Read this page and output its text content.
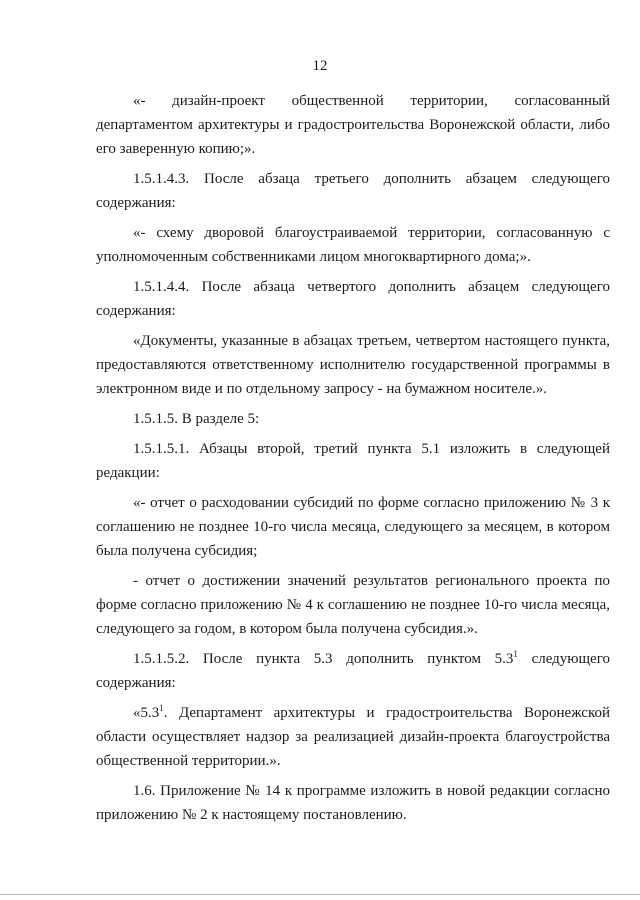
12

«- дизайн-проект общественной территории, согласованный департаментом архитектуры и градостроительства Воронежской области, либо его заверенную копию;».

1.5.1.4.3. После абзаца третьего дополнить абзацем следующего содержания:

«- схему дворовой благоустраиваемой территории, согласованную с уполномоченным собственниками лицом многоквартирного дома;».

1.5.1.4.4. После абзаца четвертого дополнить абзацем следующего содержания:

«Документы, указанные в абзацах третьем, четвертом настоящего пункта, предоставляются ответственному исполнителю государственной программы в электронном виде и по отдельному запросу - на бумажном носителе.».

1.5.1.5. В разделе 5:

1.5.1.5.1. Абзацы второй, третий пункта 5.1 изложить в следующей редакции:

«- отчет о расходовании субсидий по форме согласно приложению № 3 к соглашению не позднее 10-го числа месяца, следующего за месяцем, в котором была получена субсидия;

- отчет о достижении значений результатов регионального проекта по форме согласно приложению № 4 к соглашению не позднее 10-го числа месяца, следующего за годом, в котором была получена субсидия.».

1.5.1.5.2. После пункта 5.3 дополнить пунктом $5.3^1$ следующего содержания:

«$5.3^1$. Департамент архитектуры и градостроительства Воронежской области осуществляет надзор за реализацией дизайн-проекта благоустройства общественной территории.».

1.6. Приложение № 14 к программе изложить в новой редакции согласно приложению № 2 к настоящему постановлению.
